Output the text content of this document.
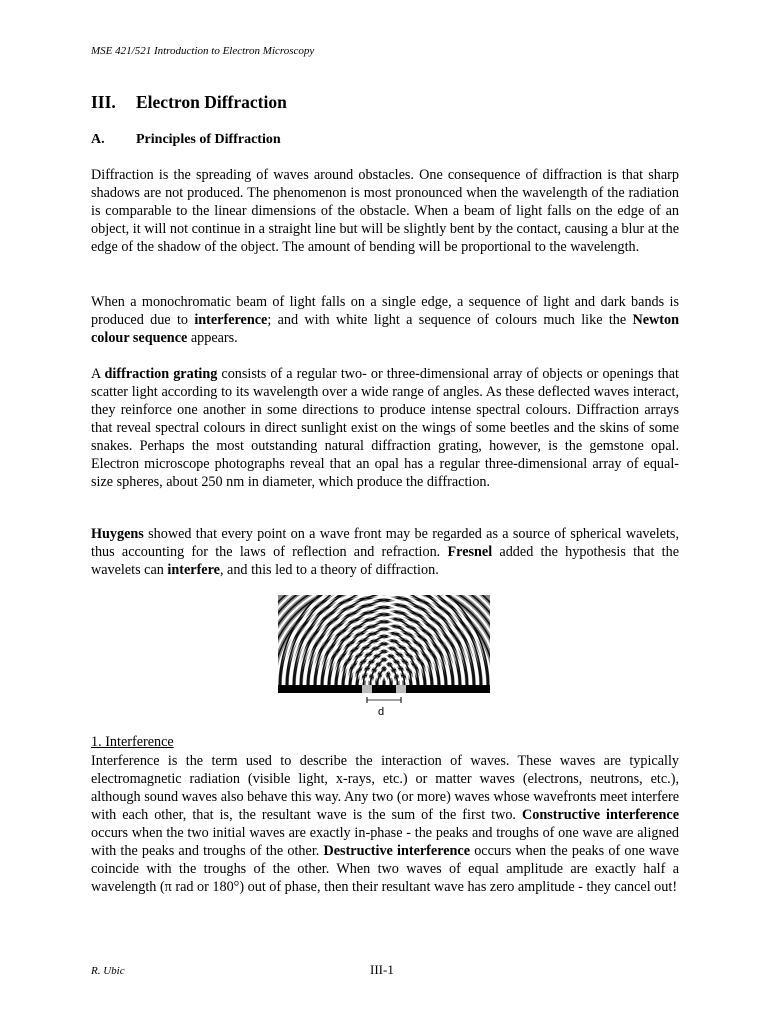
MSE 421/521 Introduction to Electron Microscopy
III. Electron Diffraction
A. Principles of Diffraction

Diffraction is the spreading of waves around obstacles. One consequence of diffraction is that sharp shadows are not produced. The phenomenon is most pronounced when the wavelength of the radiation is comparable to the linear dimensions of the obstacle. When a beam of light falls on the edge of an object, it will not continue in a straight line but will be slightly bent by the contact, causing a blur at the edge of the shadow of the object. The amount of bending will be proportional to the wavelength.

When a monochromatic beam of light falls on a single edge, a sequence of light and dark bands is produced due to interference; and with white light a sequence of colours much like the Newton colour sequence appears.

A diffraction grating consists of a regular two- or three-dimensional array of objects or openings that scatter light according to its wavelength over a wide range of angles. As these deflected waves interact, they reinforce one another in some directions to produce intense spectral colours. Diffraction arrays that reveal spectral colours in direct sunlight exist on the wings of some beetles and the skins of some snakes. Perhaps the most outstanding natural diffraction grating, however, is the gemstone opal. Electron microscope photographs reveal that an opal has a regular three-dimensional array of equal-size spheres, about 250 nm in diameter, which produce the diffraction.

Huygens showed that every point on a wave front may be regarded as a source of spherical wavelets, thus accounting for the laws of reflection and refraction. Fresnel added the hypothesis that the wavelets can interfere, and this led to a theory of diffraction.

d
1. Interference

Interference is the term used to describe the interaction of waves. These waves are typically electromagnetic radiation (visible light, x-rays, etc.) or matter waves (electrons, neutrons, etc.), although sound waves also behave this way. Any two (or more) waves whose wavefronts meet interfere with each other, that is, the resultant wave is the sum of the first two. Constructive interference occurs when the two initial waves are exactly in-phase - the peaks and troughs of one wave are aligned with the peaks and troughs of the other. Destructive interference occurs when the peaks of one wave coincide with the troughs of the other. When two waves of equal amplitude are exactly half a wavelength (π rad or 180°) out of phase, then their resultant wave has zero amplitude - they cancel out!

R. Ubic	III-1
